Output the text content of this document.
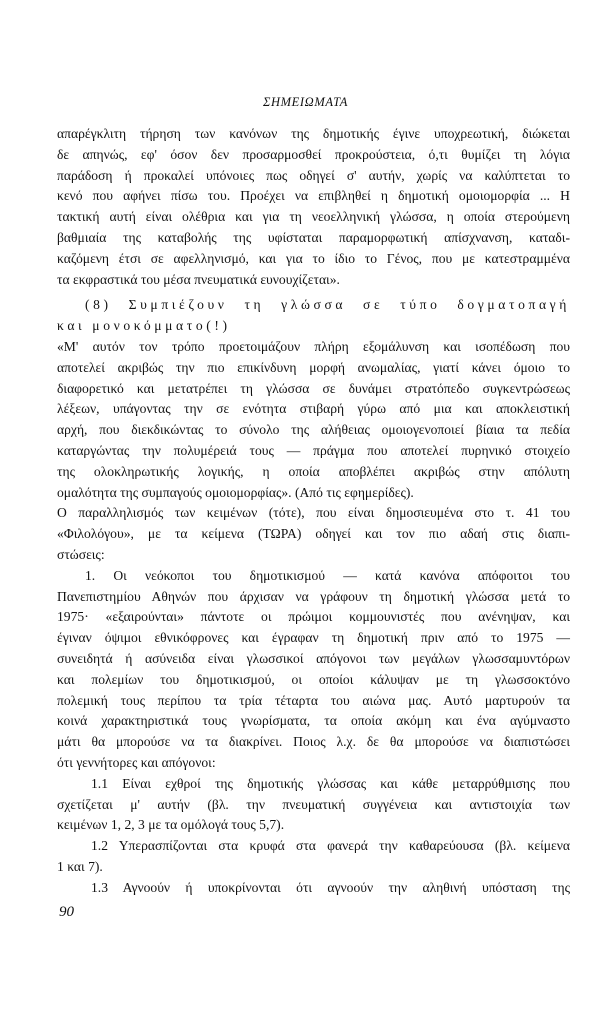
ΣΗΜΕΙΩΜΑΤΑ
απαρέγκλιτη τήρηση των κανόνων της δημοτικής έγινε υποχρεωτική, διώκεται
δε απηνώς, εφ' όσον δεν προσαρμοσθεί προκρούστεια, ό,τι θυμίζει τη λόγια
παράδοση ή προκαλεί υπόνοιες πως οδηγεί σ' αυτήν, χωρίς να καλύπτεται το
κενό που αφήνει πίσω του. Προέχει να επιβληθεί η δημοτική ομοιομορφία ... Η
τακτική αυτή είναι ολέθρια και για τη νεοελληνική γλώσσα, η οποία στερούμενη
βαθμιαία της καταβολής της υφίσταται παραμορφωτική απίσχνανση, καταδι-
καζόμενη έτσι σε αφελληνισμό, και για το ίδιο το Γένος, που με κατεστραμμένα
τα εκφραστικά του μέσα πνευματικά ευνουχίζεται».
(8) Συμπιέζουν τη γλώσσα σε τύπο δογματοπαγή
και μονοκόμματο(!)
«Μ' αυτόν τον τρόπο προετοιμάζουν πλήρη εξομάλυνση και ισοπέδωση που
αποτελεί ακριβώς την πιο επικίνδυνη μορφή ανωμαλίας, γιατί κάνει όμοιο το
διαφορετικό και μετατρέπει τη γλώσσα σε δυνάμει στρατόπεδο συγκεντρώσεως
λέξεων, υπάγοντας την σε ενότητα στιβαρή γύρω από μια και αποκλειστική
αρχή, που διεκδικώντας το σύνολο της αλήθειας ομοιογενοποιεί βίαια τα πεδία
καταργώντας την πολυμέρειά τους — πράγμα που αποτελεί πυρηνικό στοιχείο
της ολοκληρωτικής λογικής, η οποία αποβλέπει ακριβώς στην απόλυτη
ομαλότητα της συμπαγούς ομοιομορφίας». (Από τις εφημερίδες).
Ο παραλληλισμός των κειμένων (τότε), που είναι δημοσιευμένα στο τ. 41 του
«Φιλολόγου», με τα κείμενα (ΤΩΡΑ) οδηγεί και τον πιο αδαή στις διαπι-
στώσεις:
1. Οι νεόκοποι του δημοτικισμού — κατά κανόνα απόφοιτοι του
Πανεπιστημίου Αθηνών που άρχισαν να γράφουν τη δημοτική γλώσσα μετά το
1975· «εξαιρούνται» πάντοτε οι πρώιμοι κομμουνιστές που ανένηψαν, και
έγιναν όψιμοι εθνικόφρονες και έγραφαν τη δημοτική πριν από το 1975 —
συνειδητά ή ασύνειδα είναι γλωσσικοί απόγονοι των μεγάλων γλωσσαμυντόρων
και πολεμίων του δημοτικισμού, οι οποίοι κάλυψαν με τη γλωσσοκτόνο
πολεμική τους περίπου τα τρία τέταρτα του αιώνα μας. Αυτό μαρτυρούν τα
κοινά χαρακτηριστικά τους γνωρίσματα, τα οποία ακόμη και ένα αγύμναστο
μάτι θα μπορούσε να τα διακρίνει. Ποιος λ.χ. δε θα μπορούσε να διαπιστώσει
ότι γεννήτορες και απόγονοι:
1.1 Είναι εχθροί της δημοτικής γλώσσας και κάθε μεταρρύθμισης που
σχετίζεται μ' αυτήν (βλ. την πνευματική συγγένεια και αντιστοιχία των
κειμένων 1, 2, 3 με τα ομόλογά τους 5,7).
1.2 Υπερασπίζονται στα κρυφά στα φανερά την καθαρεύουσα (βλ. κείμενα
1 και 7).
1.3 Αγνοούν ή υποκρίνονται ότι αγνοούν την αληθινή υπόσταση της
90
